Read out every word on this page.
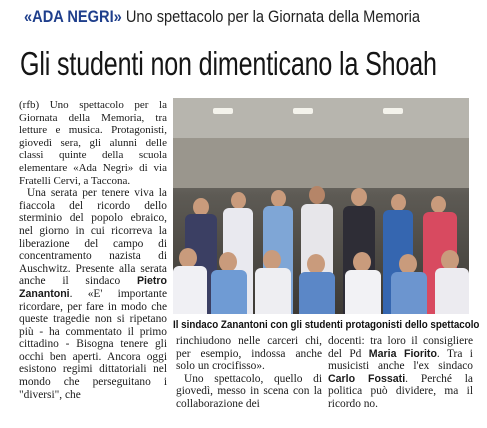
«ADA NEGRI» Uno spettacolo per la Giornata della Memoria
Gli studenti non dimenticano la Shoah

(rfb) Uno spettacolo per la Giornata della Memoria, tra letture e musica. Protagonisti, giovedì sera, gli alunni delle classi quinte della scuola elementare «Ada Negri» di via Fratelli Cervi, a Taccona.

Una serata per tenere viva la fiaccola del ricordo dello sterminio del popolo ebraico, nel giorno in cui ricorreva la liberazione del campo di concentramento nazista di Auschwitz. Presente alla serata anche il sindaco Pietro Zanantoni. «E' importante ricordare, per fare in modo che queste tragedie non si ripetano più - ha commentato il primo cittadino - Bisogna tenere gli occhi ben aperti. Ancora oggi esistono regimi dittatoriali nel mondo che perseguitano i "diversi", che

Il sindaco Zanantoni con gli studenti protagonisti dello spettacolo

rinchiudono nelle carceri chi, per esempio, indossa anche solo un crocifisso».

Uno spettacolo, quello di giovedì, messo in scena con la collaborazione dei

docenti: tra loro il consigliere del Pd Maria Fiorito. Tra i musicisti anche l'ex sindaco Carlo Fossati. Perché la politica può dividere, ma il ricordo no.
